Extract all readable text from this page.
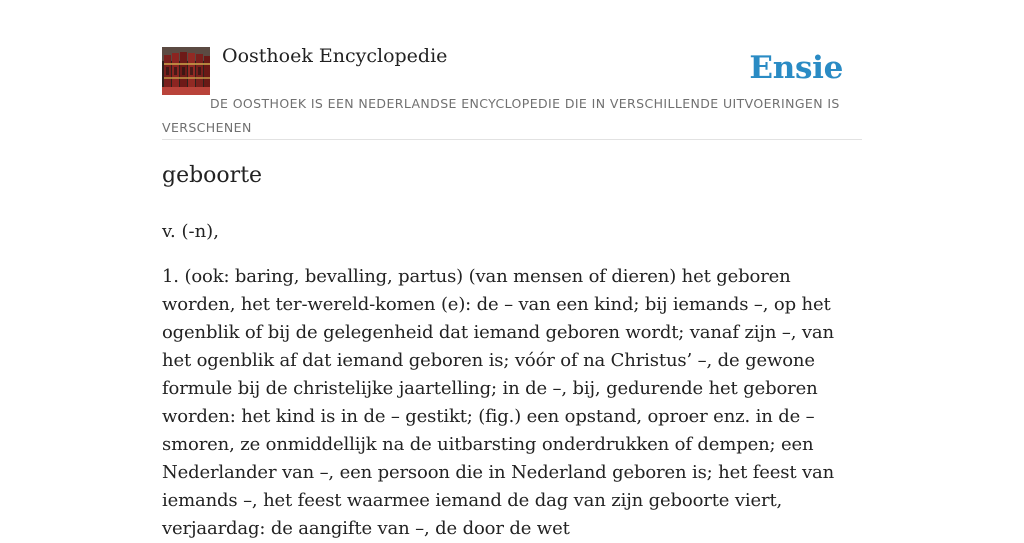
Oosthoek Encyclopedie	Ensie
DE OOSTHOEK IS EEN NEDERLANDSE ENCYCLOPEDIE DIE IN VERSCHILLENDE UITVOERINGEN IS VERSCHENEN
geboorte

v. (-n),

1. (ook: baring, bevalling, partus) (van mensen of dieren) het geboren worden, het ter-wereld-komen (e): de – van een kind; bij iemands –, op het ogenblik of bij de gelegenheid dat iemand geboren wordt; vanaf zijn –, van het ogenblik af dat iemand geboren is; vóór of na Christus’ –, de gewone formule bij de christelijke jaartelling; in de –, bij, gedurende het geboren worden: het kind is in de – gestikt; (fig.) een opstand, oproer enz. in de – smoren, ze onmiddellijk na de uitbarsting onderdrukken of dempen; een Nederlander van –, een persoon die in Nederland geboren is; het feest van iemands –, het feest waarmee iemand de dag van zijn geboorte viert, verjaardag: de aangifte van –, de door de wet
